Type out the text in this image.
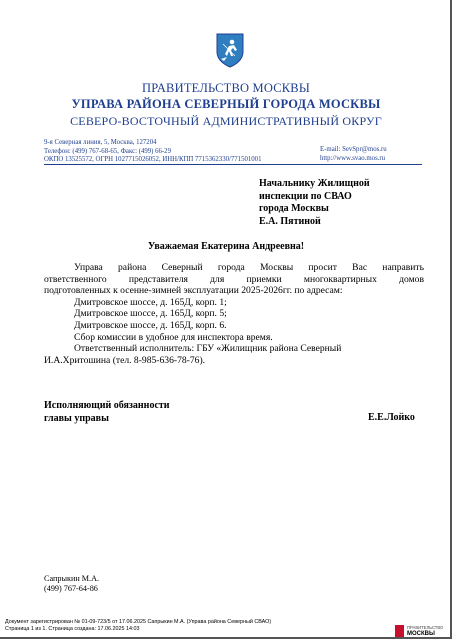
ПРАВИТЕЛЬСТВО МОСКВЫ
УПРАВА РАЙОНА СЕВЕРНЫЙ ГОРОДА МОСКВЫ
СЕВЕРО-ВОСТОЧНЫЙ АДМИНИСТРАТИВНЫЙ ОКРУГ
9-я Северная линия, 5, Москва, 127204
Телефон: (499) 767-68-65, Факс: (499) 66-29
ОКПО 13525572, ОГРН 1027715026052, ИНН/КПП 7715362330/771501001
E-mail: SevSpr@mos.ru
http://www.svao.mos.ru
Начальнику Жилищной
инспекции по СВАО
города Москвы
Е.А. Пятиной
Уважаемая Екатерина Андреевна!

Управа района Северный города Москвы просит Вас направить

ответственного представителя для приемки многоквартирных домов

подготовленных к осенне-зимней эксплуатации 2025-2026гг. по адресам:

Дмитровское шоссе, д. 165Д, корп. 1;

Дмитровское шоссе, д. 165Д, корп. 5;

Дмитровское шоссе, д. 165Д, корп. 6.

Сбор комиссии в удобное для инспектора время.

Ответственный исполнитель: ГБУ «Жилищник района Северный

И.А.Хритошина (тел. 8-985-636-78-76).

Исполняющий обязанности
главы управы	Е.Е.Лойко
Сапрыкин М.А.
(499) 767-64-86
Документ зарегистрирован № 01-09-723/5 от 17.06.2025 Сапрыкин М.А. (Управа района Северный СВАО)
Страница 1 из 1. Страница создана: 17.06.2025 14:03	ПРАВИТЕЛЬСТВО
МОСКВЫ
